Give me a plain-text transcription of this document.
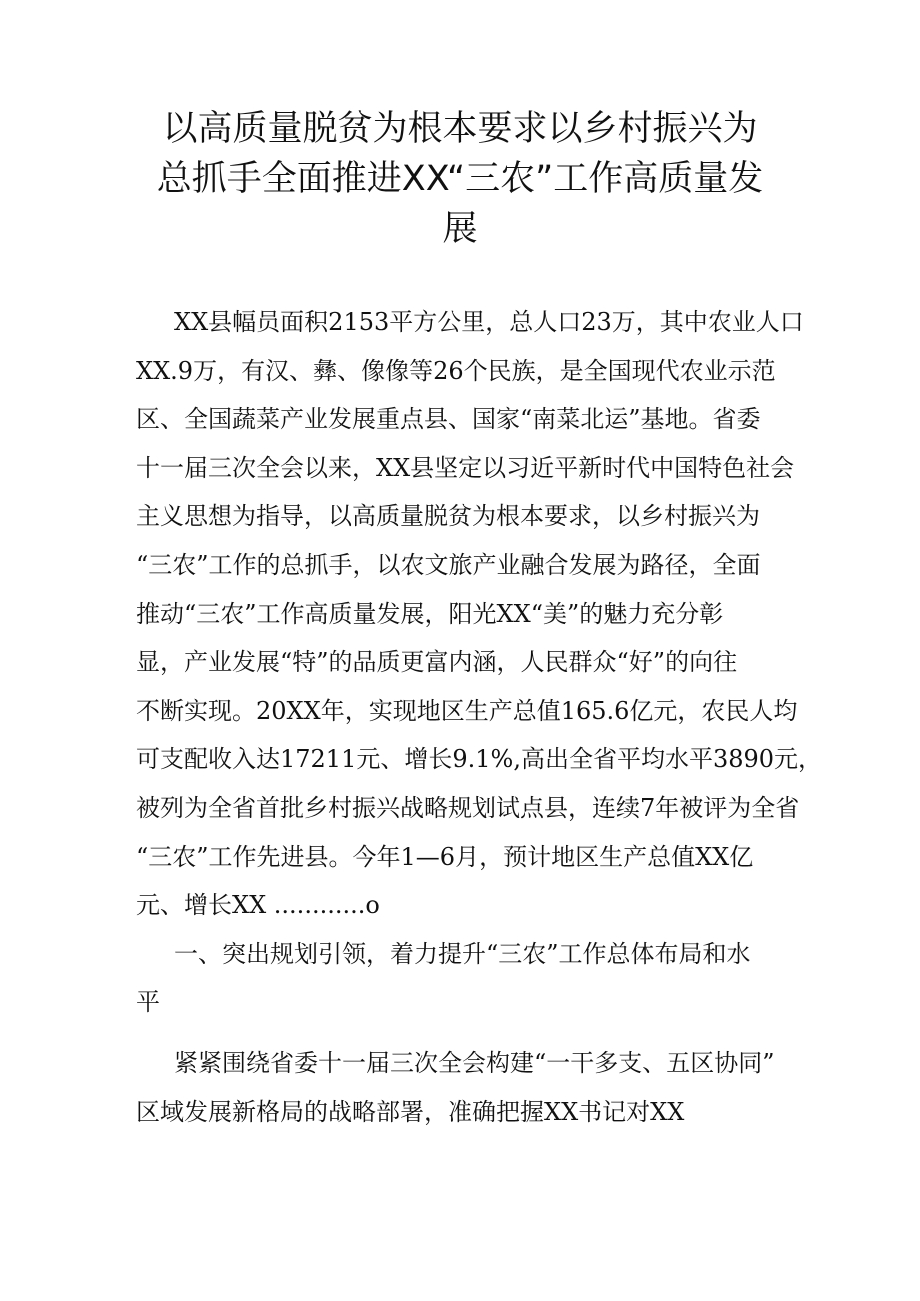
以高质量脱贫为根本要求以乡村振兴为
总抓手全面推进XX“三农”工作高质量发
展
XX县幅员面积2153平方公里，总人口23万，其中农业人口
XX.9万，有汉、彝、像像等26个民族，是全国现代农业示范
区、全国蔬菜产业发展重点县、国家“南菜北运”基地。省委
十一届三次全会以来，XX县坚定以习近平新时代中国特色社会
主义思想为指导，以高质量脱贫为根本要求，以乡村振兴为
“三农”工作的总抓手，以农文旅产业融合发展为路径，全面
推动“三农”工作高质量发展，阳光XX“美”的魅力充分彰
显，产业发展“特”的品质更富内涵，人民群众“好”的向往
不断实现。20XX年，实现地区生产总值165.6亿元，农民人均
可支配收入达17211元、增长9.1%,高出全省平均水平3890元，
被列为全省首批乡村振兴战略规划试点县，连续7年被评为全省
“三农”工作先进县。今年1—6月，预计地区生产总值XX亿
元、增长XX ............o
一、突出规划引领，着力提升“三农”工作总体布局和水
平
紧紧围绕省委十一届三次全会构建“一干多支、五区协同”
区域发展新格局的战略部署，准确把握XX书记对XX
